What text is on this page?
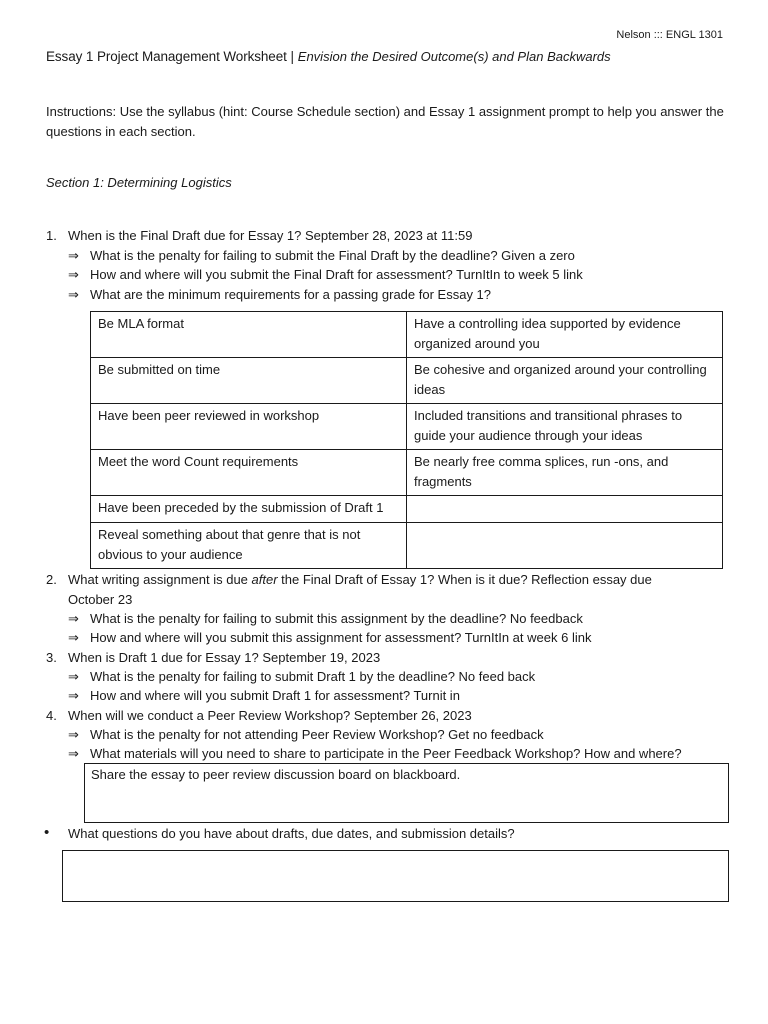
Nelson ::: ENGL 1301
Essay 1 Project Management Worksheet | Envision the Desired Outcome(s) and Plan Backwards
Instructions: Use the syllabus (hint: Course Schedule section) and Essay 1 assignment prompt to help you answer the questions in each section.
Section 1: Determining Logistics
1. When is the Final Draft due for Essay 1? September 28, 2023 at 11:59
⇒ What is the penalty for failing to submit the Final Draft by the deadline? Given a zero
⇒ How and where will you submit the Final Draft for assessment? TurnItIn to week 5 link
⇒ What are the minimum requirements for a passing grade for Essay 1?
Be MLA format	Have a controlling idea supported by evidence organized around you
Be submitted on time	Be cohesive and organized around your controlling ideas
Have been peer reviewed in workshop	Included transitions and transitional phrases to guide your audience through your ideas
Meet the word Count requirements	Be nearly free comma splices, run -ons, and fragments
Have been preceded by the submission of Draft 1	
Reveal something about that genre that is not obvious to your audience	
2. What writing assignment is due after the Final Draft of Essay 1? When is it due? Reflection essay due
October 23
⇒ What is the penalty for failing to submit this assignment by the deadline? No feedback
⇒ How and where will you submit this assignment for assessment? TurnItIn at week 6 link
3. When is Draft 1 due for Essay 1? September 19, 2023
⇒ What is the penalty for failing to submit Draft 1 by the deadline? No feed back
⇒ How and where will you submit Draft 1 for assessment? Turnit in
4. When will we conduct a Peer Review Workshop? September 26, 2023
⇒ What is the penalty for not attending Peer Review Workshop? Get no feedback
⇒ What materials will you need to share to participate in the Peer Feedback Workshop? How and where?
Share the essay to peer review discussion board on blackboard.
• What questions do you have about drafts, due dates, and submission details?
